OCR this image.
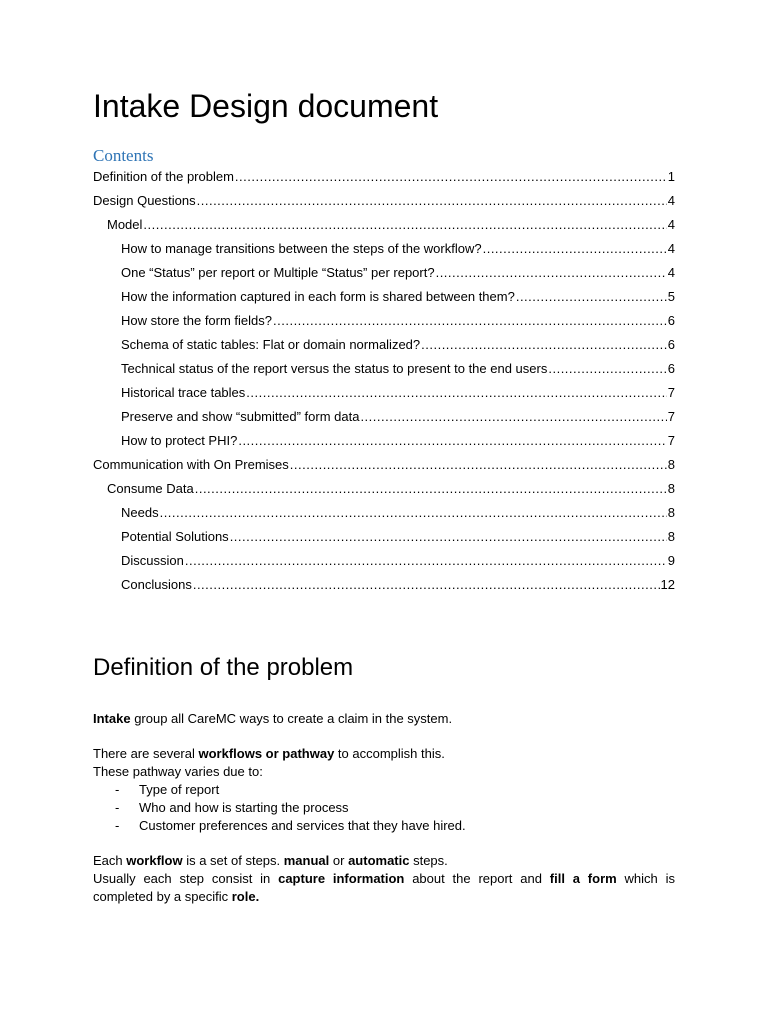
Intake Design document
Contents
Definition of the problem .....	1
Design Questions .....	4
Model .....	4
How to manage transitions between the steps of the workflow? .....	4
One “Status” per report or Multiple “Status” per report? .....	4
How the information captured in each form is shared between them? .....	5
How store the form fields? .....	6
Schema of static tables: Flat or domain normalized? .....	6
Technical status of the report versus the status to present to the end users .....	6
Historical trace tables .....	7
Preserve and show “submitted” form data .....	7
How to protect PHI? .....	7
Communication with On Premises .....	8
Consume Data .....	8
Needs .....	8
Potential Solutions .....	8
Discussion .....	9
Conclusions .....	12
Definition of the problem

Intake group all CareMC ways to create a claim in the system.

There are several workflows or pathway to accomplish this.

These pathway varies due to:

- Type of report
- Who and how is starting the process
- Customer preferences and services that they have hired.

Each workflow is a set of steps. manual or automatic steps.

Usually each step consist in capture information about the report and fill a form which is completed by a specific role.
